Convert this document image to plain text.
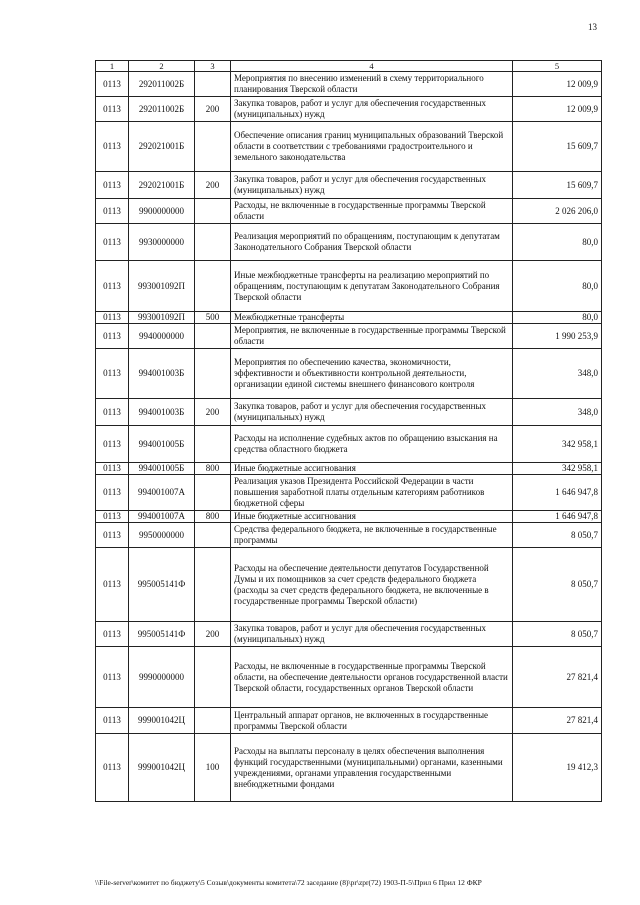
13
1	2	3	4	5
0113	292011002Б		Мероприятия по внесению изменений в схему территориального планирования Тверской области	12 009,9
0113	292011002Б	200	Закупка товаров, работ и услуг для обеспечения государственных (муниципальных) нужд	12 009,9
0113	292021001Б		Обеспечение описания границ муниципальных образований Тверской области в соответствии с требованиями градостроительного и земельного законодательства	15 609,7
0113	292021001Б	200	Закупка товаров, работ и услуг для обеспечения государственных (муниципальных) нужд	15 609,7
0113	9900000000		Расходы, не включенные в государственные программы Тверской области	2 026 206,0
0113	9930000000		Реализация мероприятий по обращениям, поступающим к депутатам Законодательного Собрания Тверской области	80,0
0113	993001092П		Иные межбюджетные трансферты на реализацию мероприятий по обращениям, поступающим к депутатам Законодательного Собрания Тверской области	80,0
0113	993001092П	500	Межбюджетные трансферты	80,0
0113	9940000000		Мероприятия, не включенные в государственные программы Тверской области	1 990 253,9
0113	994001003Б		Мероприятия по обеспечению качества, экономичности, эффективности и объективности контрольной деятельности, организации единой системы внешнего финансового контроля	348,0
0113	994001003Б	200	Закупка товаров, работ и услуг для обеспечения государственных (муниципальных) нужд	348,0
0113	994001005Б		Расходы на исполнение судебных актов по обращению взыскания на средства областного бюджета	342 958,1
0113	994001005Б	800	Иные бюджетные ассигнования	342 958,1
0113	994001007А		Реализация указов Президента Российской Федерации в части повышения заработной платы отдельным категориям работников бюджетной сферы	1 646 947,8
0113	994001007А	800	Иные бюджетные ассигнования	1 646 947,8
0113	9950000000		Средства федерального бюджета, не включенные в государственные программы	8 050,7
0113	995005141Ф		Расходы на обеспечение деятельности депутатов Государственной Думы и их помощников за счет средств федерального бюджета (расходы за счет средств федерального бюджета, не включенные в государственные программы Тверской области)	8 050,7
0113	995005141Ф	200	Закупка товаров, работ и услуг для обеспечения государственных (муниципальных) нужд	8 050,7
0113	9990000000		Расходы, не включенные в государственные программы Тверской области, на обеспечение деятельности органов государственной власти Тверской области, государственных органов Тверской области	27 821,4
0113	999001042Ц		Центральный аппарат органов, не включенных в государственные программы Тверской области	27 821,4
0113	999001042Ц	100	Расходы на выплаты персоналу в целях обеспечения выполнения функций государственными (муниципальными) органами, казенными учреждениями, органами управления государственными внебюджетными фондами	19 412,3
\\File-server\комитет по бюджету\5 Созыв\документы комитета\72 заседание (8)\pr\zpr(72) 1903-П-5\Прил 6 Прил 12 ФКР
